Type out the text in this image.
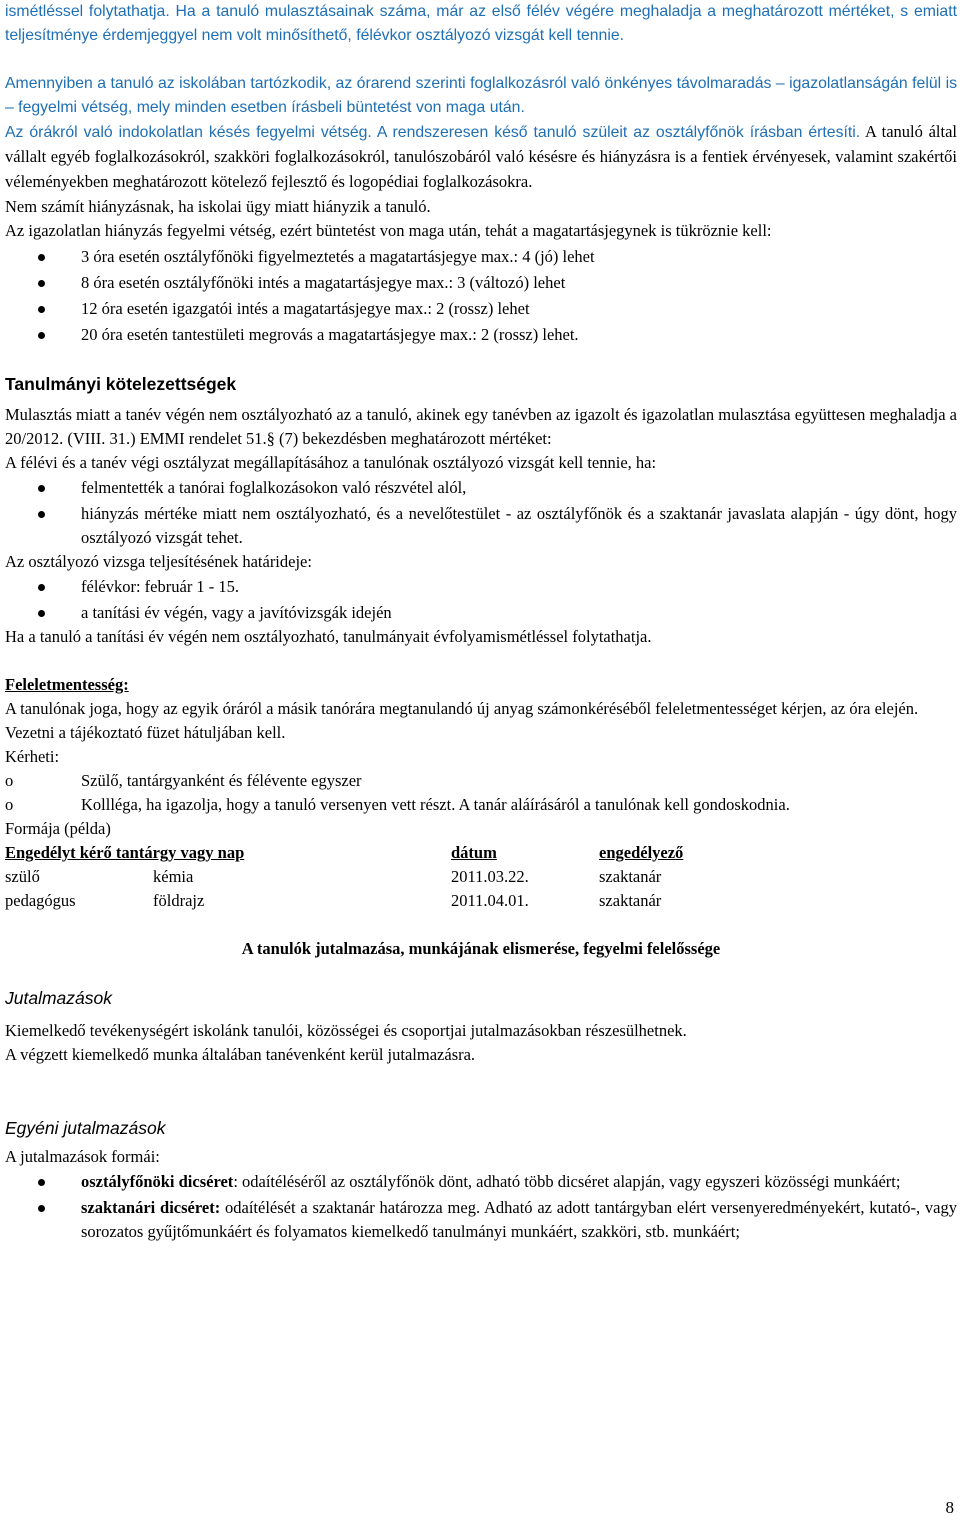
ismétléssel folytathatja. Ha a tanuló mulasztásainak száma, már az első félév végére meghaladja a meghatározott mértéket, s emiatt teljesítménye érdemjeggyel nem volt minősíthető, félévkor osztályozó vizsgát kell tennie.

Amennyiben a tanuló az iskolában tartózkodik, az órarend szerinti foglalkozásról való önkényes távolmaradás – igazolatlanságán felül is – fegyelmi vétség, mely minden esetben írásbeli büntetést von maga után.

Az órákról való indokolatlan késés fegyelmi vétség. A rendszeresen késő tanuló szüleit az osztályfőnök írásban értesíti. A tanuló által vállalt egyéb foglalkozásokról, szakköri foglalkozásokról, tanulószobáról való késésre és hiányzásra is a fentiek érvényesek, valamint szakértői véleményekben meghatározott kötelező fejlesztő és logopédiai foglalkozásokra.

Nem számít hiányzásnak, ha iskolai ügy miatt hiányzik a tanuló.

Az igazolatlan hiányzás fegyelmi vétség, ezért büntetést von maga után, tehát a magatartásjegynek is tükröznie kell:

3 óra esetén osztályfőnöki figyelmeztetés a magatartásjegye max.: 4 (jó) lehet
8 óra esetén osztályfőnöki intés a magatartásjegye max.: 3 (változó) lehet
12 óra esetén igazgatói intés a magatartásjegye max.: 2 (rossz) lehet
20 óra esetén tantestületi megrovás a magatartásjegye max.: 2 (rossz) lehet.
Tanulmányi kötelezettségek

Mulasztás miatt a tanév végén nem osztályozható az a tanuló, akinek egy tanévben az igazolt és igazolatlan mulasztása együttesen meghaladja a 20/2012. (VIII. 31.) EMMI rendelet 51.§ (7) bekezdésben meghatározott mértéket:

A félévi és a tanév végi osztályzat megállapításához a tanulónak osztályozó vizsgát kell tennie, ha:

felmentették a tanórai foglalkozásokon való részvétel alól,
hiányzás mértéke miatt nem osztályozható, és a nevelőtestület - az osztályfőnök és a szaktanár javaslata alapján - úgy dönt, hogy osztályozó vizsgát tehet.

Az osztályozó vizsga teljesítésének határideje:

félévkor: február 1 - 15.
a tanítási év végén, vagy a javítóvizsgák idején

Ha a tanuló a tanítási év végén nem osztályozható, tanulmányait évfolyamismétléssel folytathatja.

Feleletmentesség:

A tanulónak joga, hogy az egyik óráról a másik tanórára megtanulandó új anyag számonkéréséből feleletmentességet kérjen, az óra elején.

Vezetni a tájékoztató füzet hátuljában kell.

Kérheti:

o Szülő, tantárgyanként és félévente egyszer
o Kollléga, ha igazolja, hogy a tanuló versenyen vett részt. A tanár aláírásáról a tanulónak kell gondoskodnia.

Formája (példa)

Engedélyt kérő tantárgy vagy nap		dátum	engedélyező
szülő	kémia	2011.03.22.	szaktanár
pedagógus	földrajz	2011.04.01.	szaktanár

A tanulók jutalmazása, munkájának elismerése, fegyelmi felelőssége

Jutalmazások

Kiemelkedő tevékenységért iskolánk tanulói, közösségei és csoportjai jutalmazásokban részesülhetnek.

A végzett kiemelkedő munka általában tanévenként kerül jutalmazásra.

Egyéni jutalmazások

A jutalmazások formái:

osztályfőnöki dicséret: odaítéléséről az osztályfőnök dönt, adható több dicséret alapján, vagy egyszeri közösségi munkáért;
szaktanári dicséret: odaítélését a szaktanár határozza meg. Adható az adott tantárgyban elért versenyeredményekért, kutató-, vagy sorozatos gyűjtőmunkáért és folyamatos kiemelkedő tanulmányi munkáért, szakköri, stb. munkáért;
8
